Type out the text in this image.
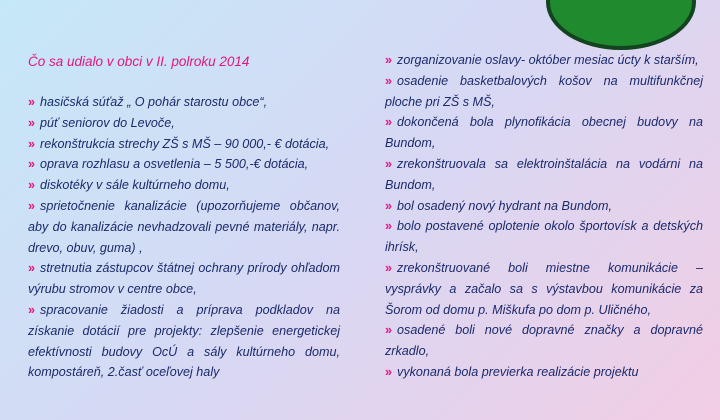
Čo sa udialo v obci v II. polroku 2014
» hasičská súťaž „ O pohár starostu obce“,
» púť seniorov do Levoče,
» rekonštrukcia strechy ZŠ s MŠ – 90 000,- € dotácia,
» oprava rozhlasu a osvetlenia – 5 500,-€ dotácia,
» diskotéky v sále kultúrneho domu,
» sprietočnenie kanalizácie (upozorňujeme občanov, aby do kanalizácie nevhadzovali pevné materiály, napr. drevo, obuv, guma) ,
» stretnutia zástupcov štátnej ochrany prírody ohľadom výrubu stromov v centre obce,
» spracovanie žiadosti a príprava podkladov na získanie dotácií pre projekty: zlepšenie energetickej efektívnosti budovy OcÚ a sály kultúrneho domu, kompostáreň, 2.časť oceľovej haly
» zorganizovanie oslavy- október mesiac úcty k starším,
» osadenie basketbalových košov na multifunkčnej ploche pri ZŠ s MŠ,
» dokončená bola plynofikácia obecnej budovy na Bundom,
» zrekonštruovala sa elektroinštalácia na vodárni na Bundom,
» bol osadený nový hydrant na Bundom,
» bolo postavené oplotenie okolo športovísk a detských ihrísk,
» zrekonštruované boli miestne komunikácie – vysprávky a začalo sa s výstavbou komunikácie za Šorom od domu p. Miškufa po dom p. Uličného,
» osadené boli nové dopravné značky a dopravné zrkadlo,
» vykonaná bola previerka realizácie projektu
